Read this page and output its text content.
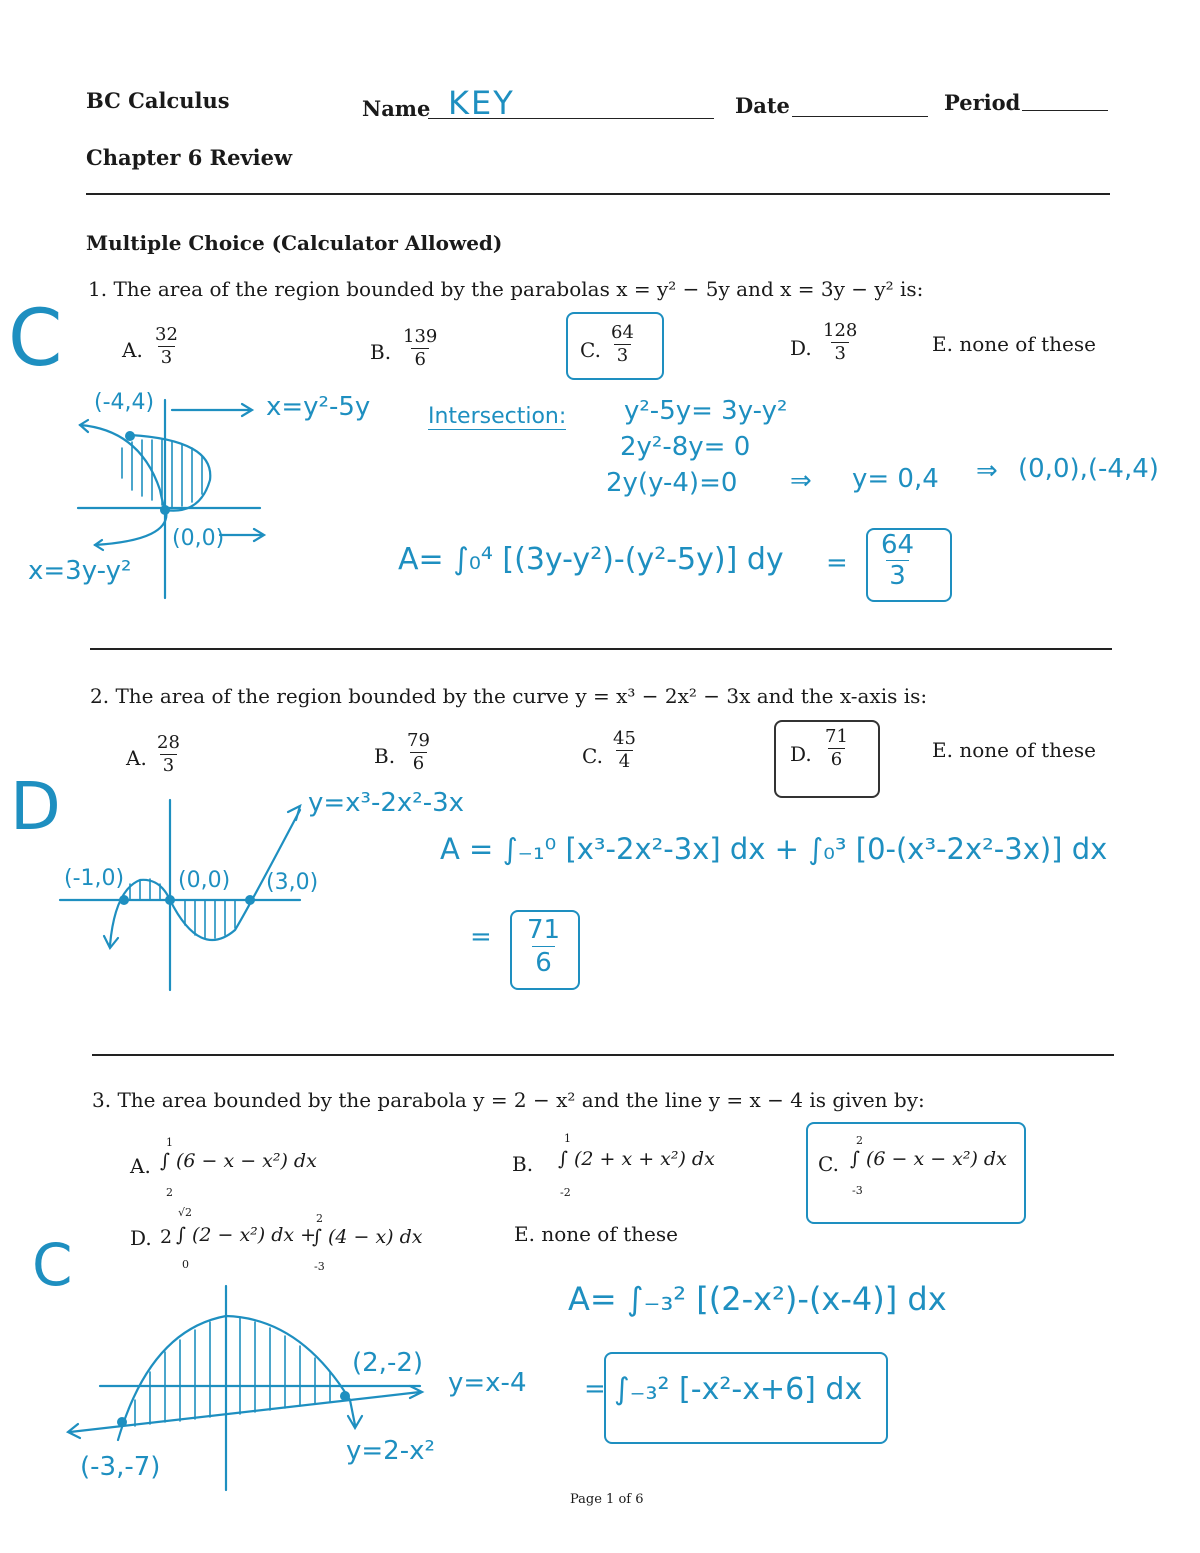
BC Calculus
Chapter 6 Review
Name KEY	Date	Period
Multiple Choice (Calculator Allowed)
1. The area of the region bounded by the parabolas x = y² − 5y and x = 3y − y² is:
A. $\frac{32}{3}$	B. $\frac{139}{6}$	C. $\frac{64}{3}$	D. $\frac{128}{3}$	E. none of these
C
(-4,4)
(0,0)
x=y²-5y
x=3y-y²
Intersection: y²-5y= 3y-y²
2y²-8y= 0
2y(y-4)=0 ⇒ y= 0,4 ⇒ (0,0),(-4,4)
A= ∫₀⁴ [(3y-y²)-(y²-5y)] dy = $\frac{64}{3}$
2. The area of the region bounded by the curve y = x³ − 2x² − 3x and the x-axis is:
A. $\frac{28}{3}$	B. $\frac{79}{6}$	C. $\frac{45}{4}$	D. $\frac{71}{6}$	E. none of these
D	y=x³-2x²-3x
(-1,0) (0,0) (3,0)
A = ∫₋₁⁰ [x³-2x²-3x] dx + ∫₀³ [0-(x³-2x²-3x)] dx
= $\frac{71}{6}$
3. The area bounded by the parabola y = 2 − x² and the line y = x − 4 is given by:
A.
1
2
∫ (6 − x − x²) dx	B.
1
-2
∫ (2 + x + x²) dx	C.
2
-3
∫ (6 − x − x²) dx
D. 2
√2
0
∫ (2 − x²) dx +
2
-3
∫ (4 − x) dx	E. none of these
C
(2,-2)
y=x-4
(-3,-7)
y=2-x²
A= ∫₋₃² [(2-x²)-(x-4)] dx
= ∫₋₃² [-x²-x+6] dx
Page 1 of 6
